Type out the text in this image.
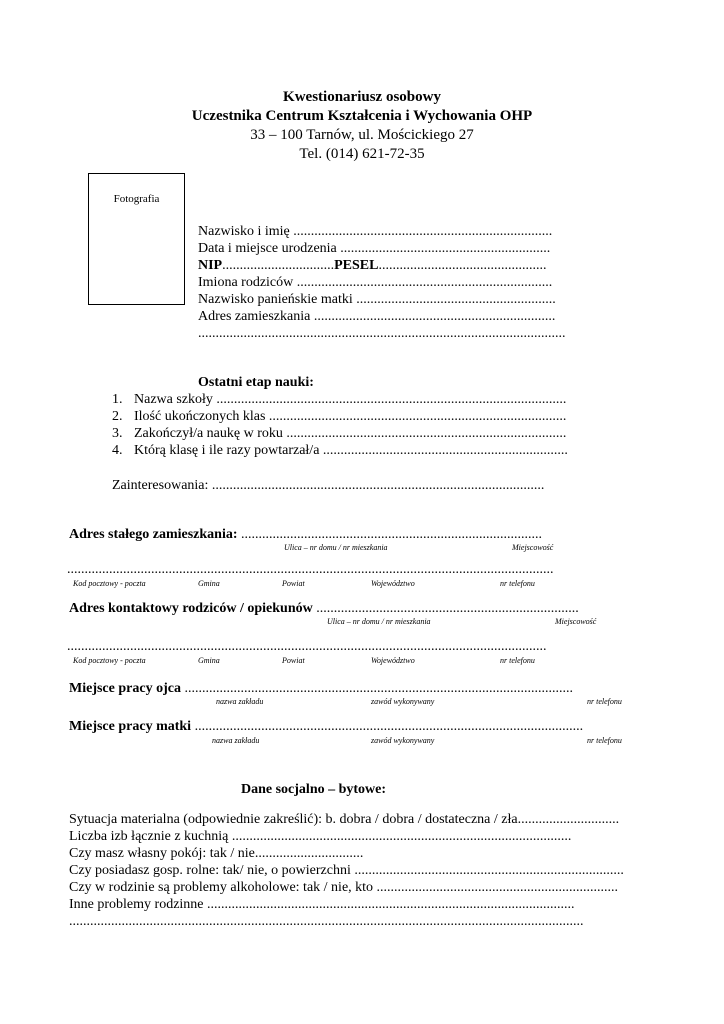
Kwestionariusz osobowy
Uczestnika Centrum Kształcenia i Wychowania OHP
33 – 100 Tarnów, ul. Mościckiego 27
Tel. (014) 621-72-35
Fotografia
Nazwisko i imię ..........................................................................
Data i miejsce urodzenia ............................................................
NIP................................PESEL................................................
Imiona rodziców .........................................................................
Nazwisko panieńskie matki .........................................................
Adres zamieszkania .....................................................................
.........................................................................................................
Ostatni etap nauki:
1. Nazwa szkoły ....................................................................................................
2. Ilość ukończonych klas .....................................................................................
3. Zakończył/a naukę w roku ................................................................................
4. Którą klasę i ile razy powtarzał/a ......................................................................
Zainteresowania: ...............................................................................................
Adres stałego zamieszkania: ......................................................................................
Ulica – nr domu / nr mieszkania	Miejscowość
...........................................................................................................................................
Kod pocztowy - poczta	Gmina	Powiat	Województwo	nr telefonu
Adres kontaktowy rodziców / opiekunów ...........................................................................
Ulica – nr domu / nr mieszkania	Miejscowość
.........................................................................................................................................
Kod pocztowy - poczta	Gmina	Powiat	Województwo	nr telefonu
Miejsce pracy ojca ...............................................................................................................
nazwa zakładu	zawód wykonywany	nr telefonu
Miejsce pracy matki ...............................................................................................................
nazwa zakładu	zawód wykonywany	nr telefonu
Dane socjalno – bytowe:
Sytuacja materialna (odpowiednie zakreślić): b. dobra / dobra / dostateczna / zła.............................
Liczba izb łącznie z kuchnią .................................................................................................
Czy masz własny pokój: tak / nie...............................
Czy posiadasz gosp. rolne: tak/ nie, o powierzchni .............................................................................
Czy w rodzinie są problemy alkoholowe: tak / nie, kto .....................................................................
Inne problemy rodzinne .........................................................................................................
...................................................................................................................................................
